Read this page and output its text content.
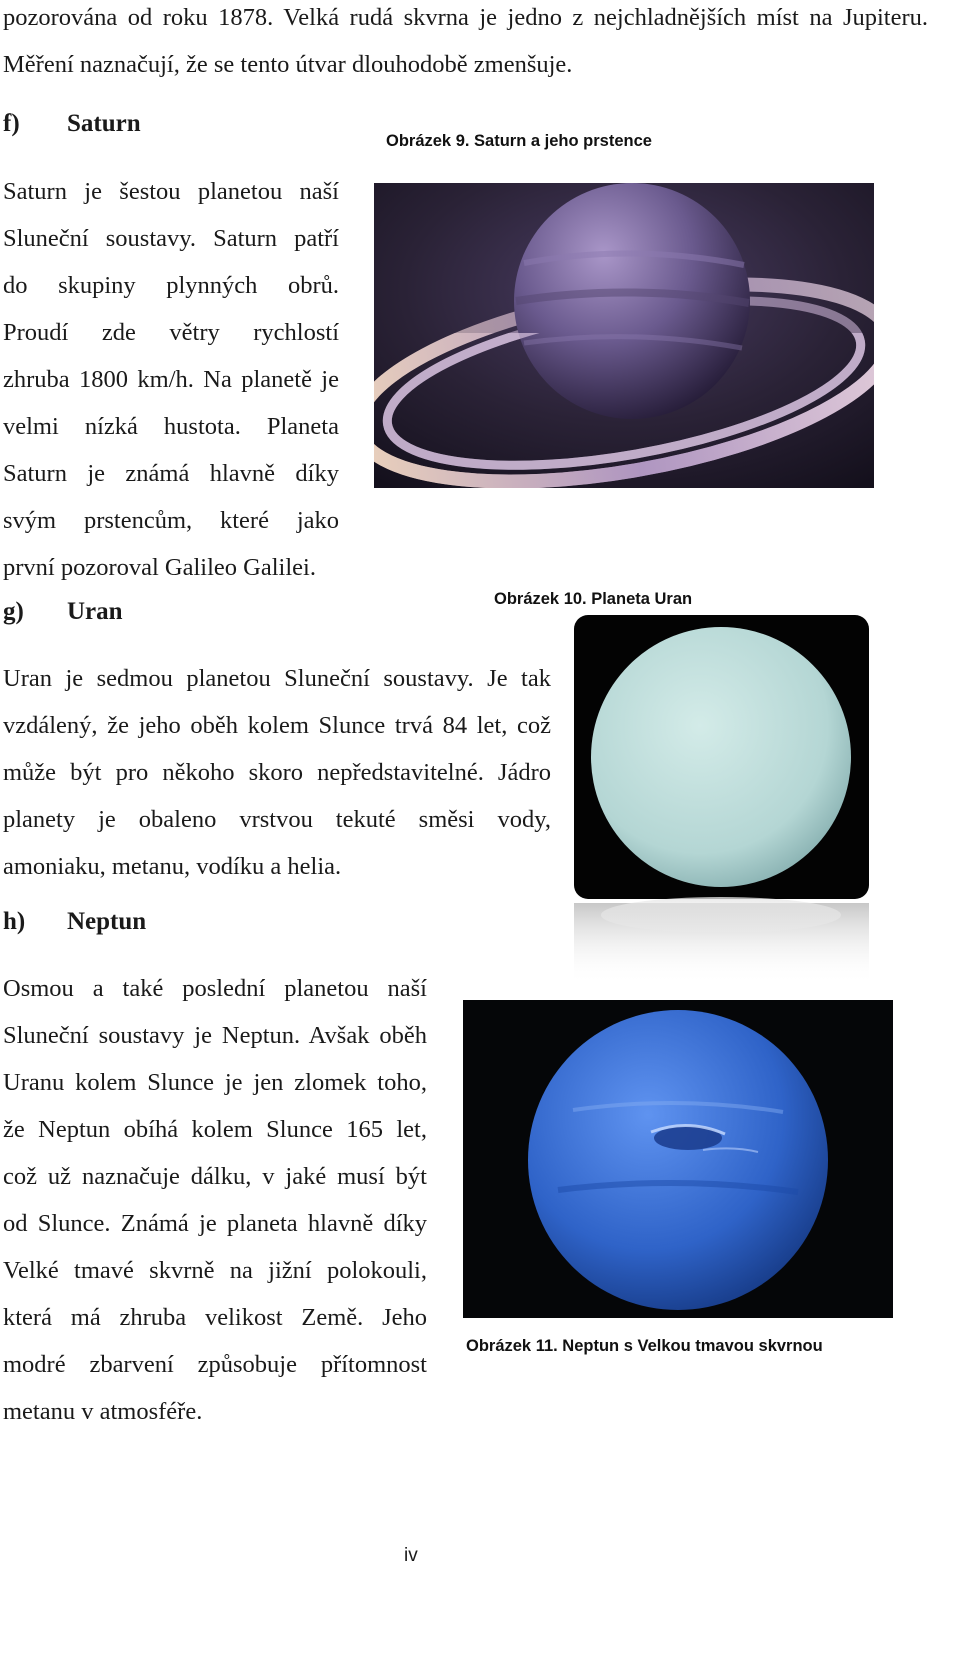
pozorována od roku 1878. Velká rudá skvrna je jedno z nejchladnějších míst na Jupiteru.
Měření naznačují, že se tento útvar dlouhodobě zmenšuje.

f) Saturn
Obrázek 9. Saturn a jeho prstence

Saturn je šestou planetou naší
Sluneční soustavy. Saturn patří
do skupiny plynných obrů.
Proudí zde větry rychlostí
zhruba 1800 km/h. Na planetě je
velmi nízká hustota. Planeta
Saturn je známá hlavně díky
svým prstencům, které jako
první pozoroval Galileo Galilei.

g) Uran	Obrázek 10. Planeta Uran

Uran je sedmou planetou Sluneční soustavy. Je tak
vzdálený, že jeho oběh kolem Slunce trvá 84 let, což
může být pro někoho skoro nepředstavitelné. Jádro
planety je obaleno vrstvou tekuté směsi vody,
amoniaku, metanu, vodíku a helia.

h) Neptun

Osmou a také poslední planetou naší
Sluneční soustavy je Neptun. Avšak oběh
Uranu kolem Slunce je jen zlomek toho,
že Neptun obíhá kolem Slunce 165 let,
což už naznačuje dálku, v jaké musí být
od Slunce. Známá je planeta hlavně díky
Velké tmavé skvrně na jižní polokouli,
která má zhruba velikost Země. Jeho
modré zbarvení způsobuje přítomnost
metanu v atmosféře.

Obrázek 11. Neptun s Velkou tmavou skvrnou
iv
